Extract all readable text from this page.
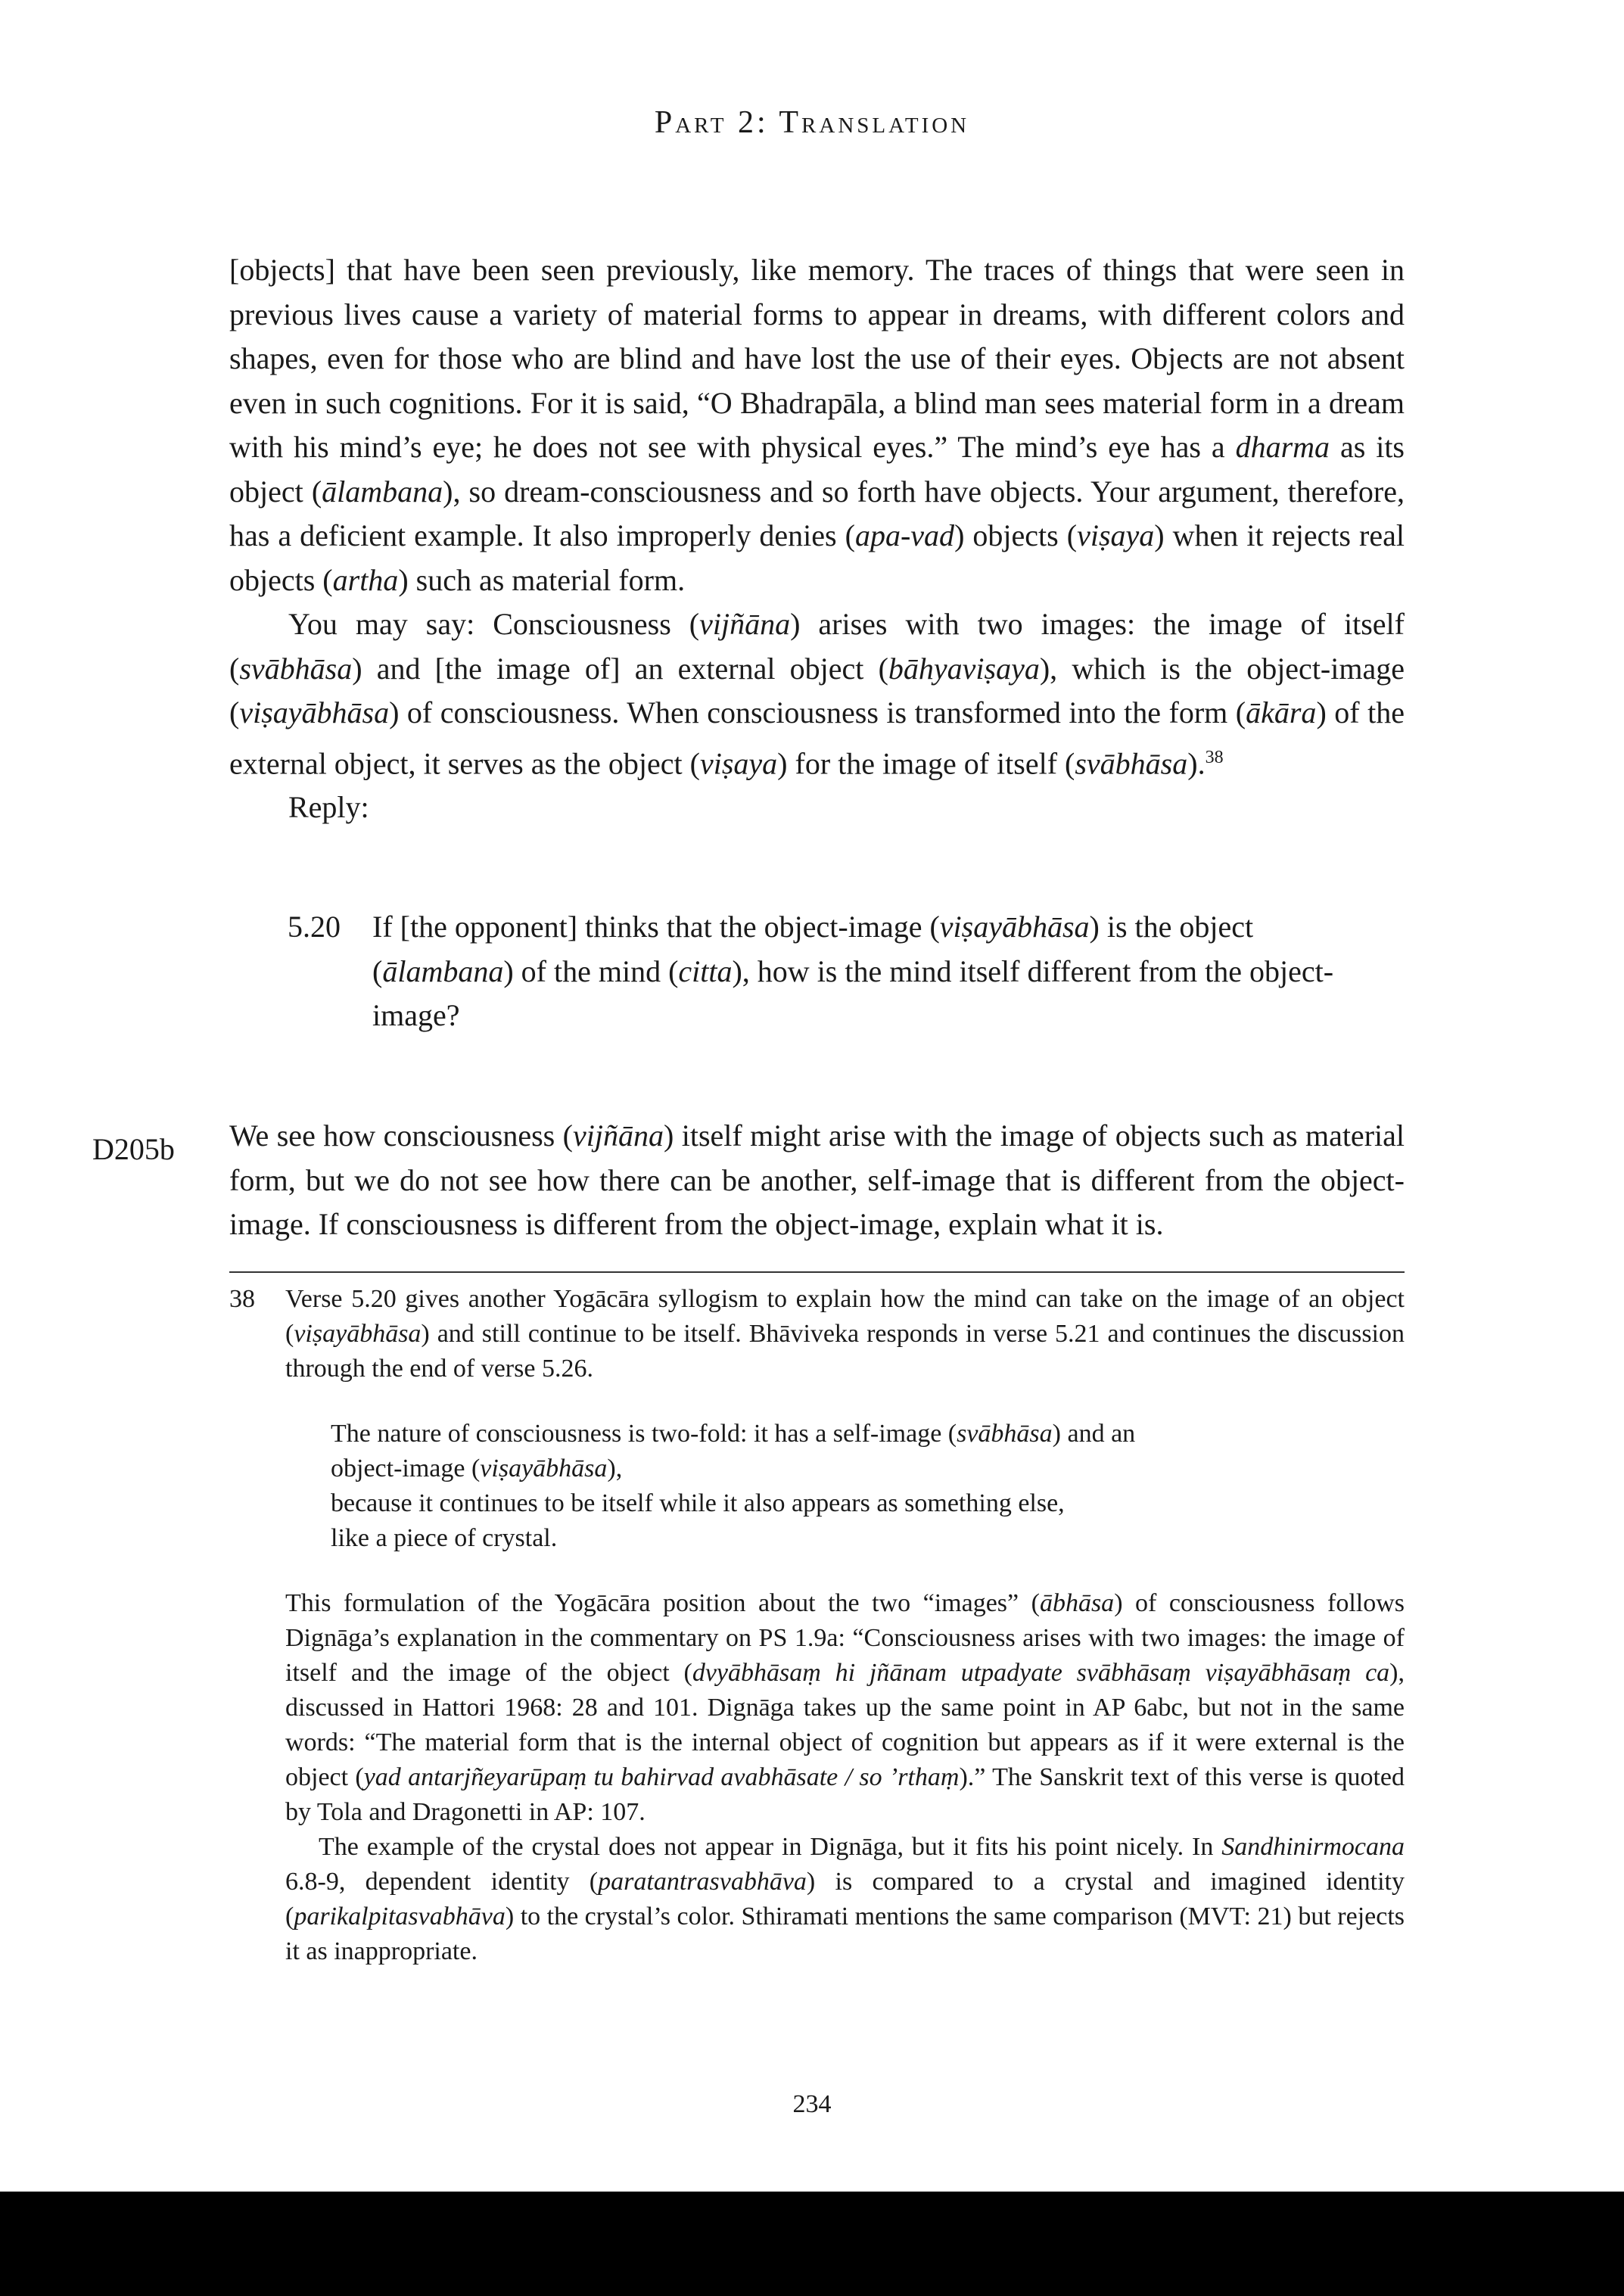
Part 2: Translation

[objects] that have been seen previously, like memory. The traces of things that were seen in previous lives cause a variety of material forms to appear in dreams, with different colors and shapes, even for those who are blind and have lost the use of their eyes. Objects are not absent even in such cognitions. For it is said, “O Bhadrapāla, a blind man sees material form in a dream with his mind’s eye; he does not see with physical eyes.” The mind’s eye has a dharma as its object (ālambana), so dream-consciousness and so forth have objects. Your argument, therefore, has a deficient example. It also improperly denies (apa-vad) objects (viṣaya) when it rejects real objects (artha) such as material form.

You may say: Consciousness (vijñāna) arises with two images: the image of itself (svābhāsa) and [the image of] an external object (bāhyaviṣaya), which is the object-image (viṣayābhāsa) of consciousness. When consciousness is transformed into the form (ākāra) of the external object, it serves as the object (viṣaya) for the image of itself (svābhāsa).$^{38}$

Reply:

5.20 If [the opponent] thinks that the object-image (viṣayābhāsa) is the object (ālambana) of the mind (citta), how is the mind itself different from the object-image?

We see how consciousness (vijñāna) itself might arise with the image of objects such as material form, but we do not see how there can be another, self-image that is different from the object-image. If consciousness is different from the object-image, explain what it is.

D205b
38 Verse 5.20 gives another Yogācāra syllogism to explain how the mind can take on the image of an object (viṣayābhāsa) and still continue to be itself. Bhāviveka responds in verse 5.21 and continues the discussion through the end of verse 5.26.

The nature of consciousness is two-fold: it has a self-image (svābhāsa) and an
object-image (viṣayābhāsa),
because it continues to be itself while it also appears as something else,
like a piece of crystal.

This formulation of the Yogācāra position about the two “images” (ābhāsa) of consciousness follows Dignāga’s explanation in the commentary on PS 1.9a: “Consciousness arises with two images: the image of itself and the image of the object (dvyābhāsaṃ hi jñānam utpadyate svābhāsaṃ viṣayābhāsaṃ ca), discussed in Hattori 1968: 28 and 101. Dignāga takes up the same point in AP 6abc, but not in the same words: “The material form that is the internal object of cognition but appears as if it were external is the object (yad antarjñeyarūpaṃ tu bahirvad avabhāsate / so ’rthaṃ).” The Sanskrit text of this verse is quoted by Tola and Dragonetti in AP: 107.

The example of the crystal does not appear in Dignāga, but it fits his point nicely. In Sandhinirmocana 6.8-9, dependent identity (paratantrasvabhāva) is compared to a crystal and imagined identity (parikalpitasvabhāva) to the crystal’s color. Sthiramati mentions the same comparison (MVT: 21) but rejects it as inappropriate.

234
